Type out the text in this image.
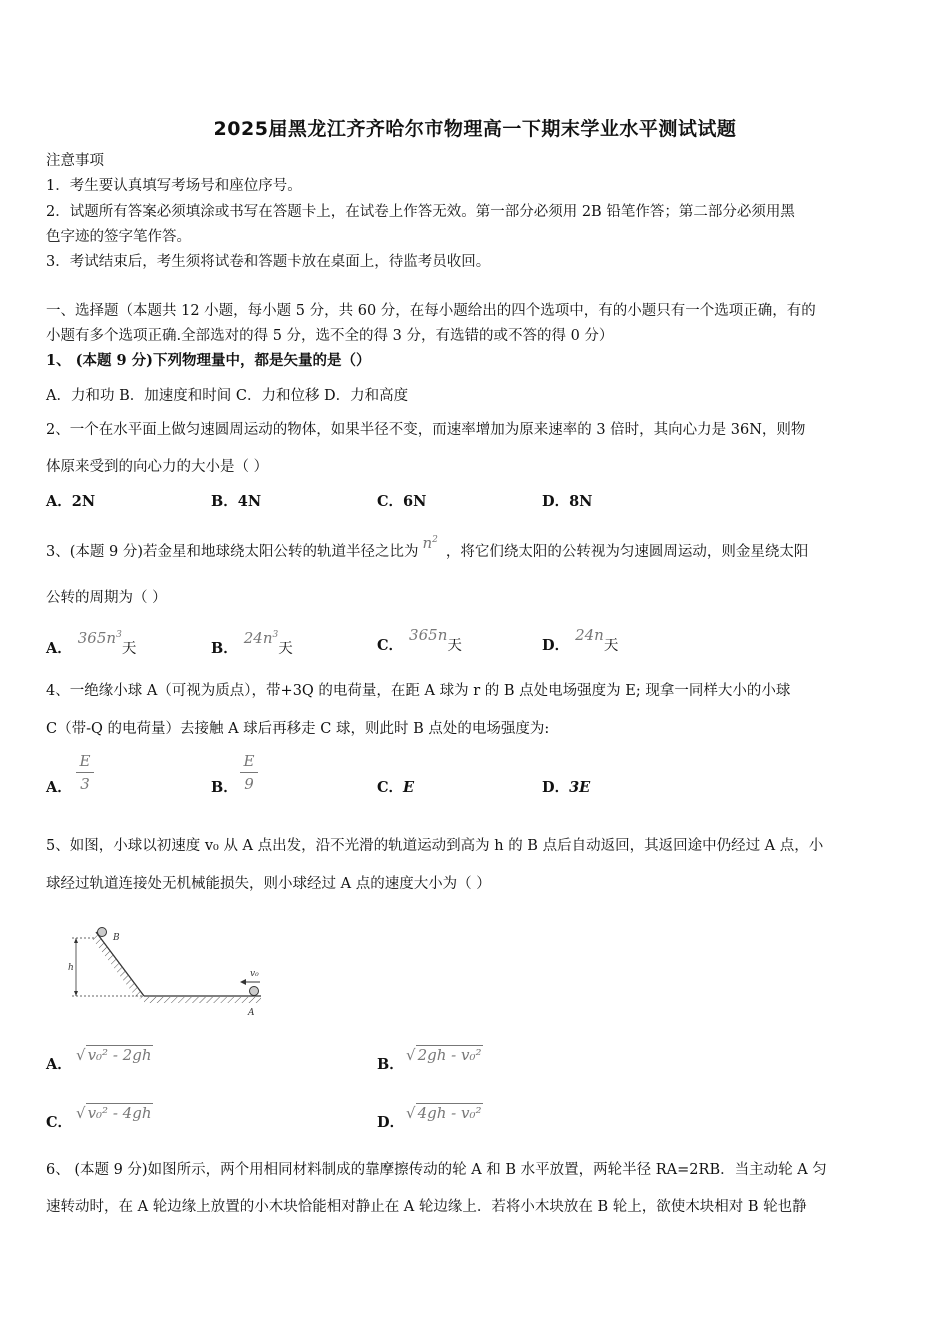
2025届黑龙江齐齐哈尔市物理高一下期末学业水平测试试题
注意事项
1．考生要认真填写考场号和座位序号。
2．试题所有答案必须填涂或书写在答题卡上，在试卷上作答无效。第一部分必须用 2B 铅笔作答；第二部分必须用黑
色字迹的签字笔作答。
3．考试结束后，考生须将试卷和答题卡放在桌面上，待监考员收回。
一、选择题（本题共 12 小题，每小题 5 分，共 60 分，在每小题给出的四个选项中，有的小题只有一个选项正确，有的
小题有多个选项正确.全部选对的得 5 分，选不全的得 3 分，有选错的或不答的得 0 分）
1、 (本题 9 分)下列物理量中，都是矢量的是（）
A．力和功 B．加速度和时间 C．力和位移 D．力和高度
2、一个在水平面上做匀速圆周运动的物体，如果半径不变，而速率增加为原来速率的 3 倍时，其向心力是 36N，则物
体原来受到的向心力的大小是（ ）
A．2N	B．4N	C．6N	D．8N
3、(本题 9 分)若金星和地球绕太阳公转的轨道半径之比为 $n^2$，将它们绕太阳的公转视为匀速圆周运动，则金星绕太阳
公转的周期为（ ）
A．$365n^3$天	B．$24n^3$天	C．365n天	D．24n天
4、一绝缘小球 A（可视为质点），带+3Q 的电荷量，在距 A 球为 r 的 B 点处电场强度为 E; 现拿一同样大小的小球
C（带-Q 的电荷量）去接触 A 球后再移走 C 球，则此时 B 点处的电场强度为:
A．
E
3	B．
E
9	C．E	D．3E
5、如图，小球以初速度 v₀ 从 A 点出发，沿不光滑的轨道运动到高为 h 的 B 点后自动返回，其返回途中仍经过 A 点，小
球经过轨道连接处无机械能损失，则小球经过 A 点的速度大小为（ ）
B
h
v₀
A
A．
√ v₀² - 2gh
B．
√ 2gh - v₀²
C．
√ v₀² - 4gh
D．
√ 4gh - v₀²
6、 (本题 9 分)如图所示，两个用相同材料制成的靠摩擦传动的轮 A 和 B 水平放置，两轮半径 RA=2RB．当主动轮 A 匀
速转动时，在 A 轮边缘上放置的小木块恰能相对静止在 A 轮边缘上．若将小木块放在 B 轮上，欲使木块相对 B 轮也静
